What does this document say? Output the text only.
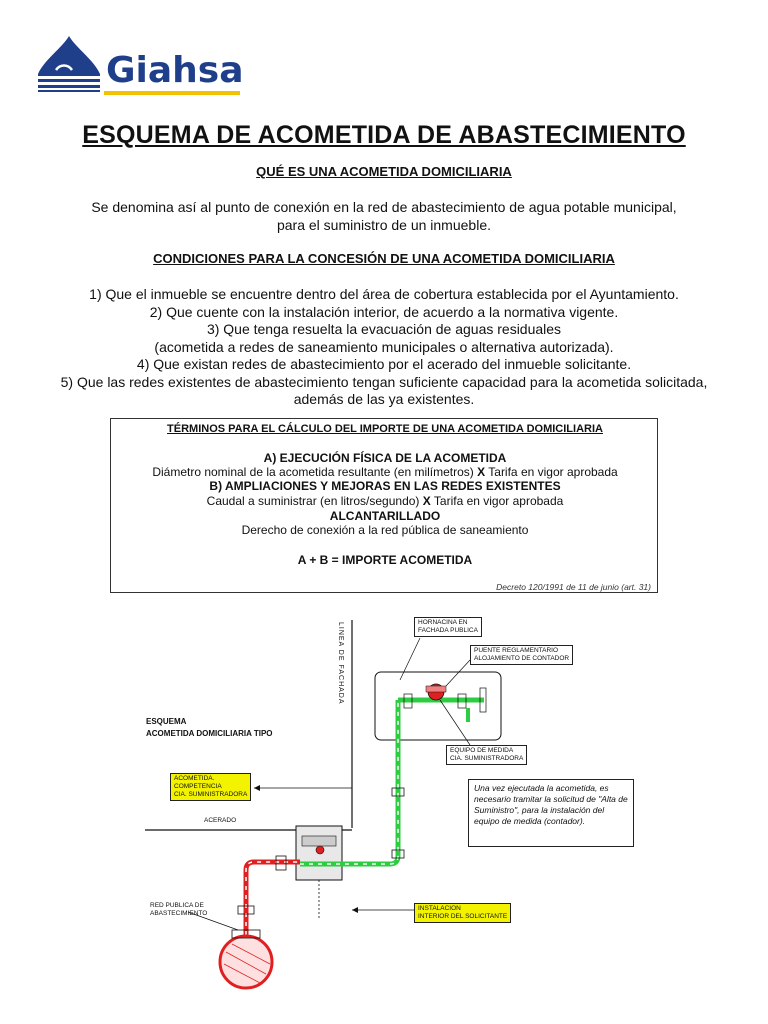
Giahsa
ESQUEMA DE ACOMETIDA DE ABASTECIMIENTO
QUÉ ES UNA ACOMETIDA DOMICILIARIA
Se denomina así al punto de conexión en la red de abastecimiento de agua potable municipal,
para el suministro de un inmueble.
CONDICIONES PARA LA CONCESIÓN DE UNA ACOMETIDA DOMICILIARIA
1) Que el inmueble se encuentre dentro del área de cobertura establecida por el Ayuntamiento.
2) Que cuente con la instalación interior, de acuerdo a la normativa vigente.
3) Que tenga resuelta la evacuación de aguas residuales
(acometida a redes de saneamiento municipales o alternativa autorizada).
4) Que existan redes de abastecimiento por el acerado del inmueble solicitante.
5) Que las redes existentes de abastecimiento tengan suficiente capacidad para la acometida solicitada,
además de las ya existentes.
TÉRMINOS PARA EL CÁLCULO DEL IMPORTE DE UNA ACOMETIDA DOMICILIARIA
A) EJECUCIÓN FÍSICA DE LA ACOMETIDA
Diámetro nominal de la acometida resultante (en milímetros) X Tarifa en vigor aprobada
B) AMPLIACIONES Y MEJORAS EN LAS REDES EXISTENTES
Caudal a suministrar (en litros/segundo) X Tarifa en vigor aprobada
ALCANTARILLADO
Derecho de conexión a la red pública de saneamiento
A + B = IMPORTE ACOMETIDA
Decreto 120/1991 de 11 de junio (art. 31)
ESQUEMA
ACOMETIDA DOMICILIARIA TIPO
LINEA DE FACHADA	HORNACINA EN
FACHADA PUBLICA
PUENTE REGLAMENTARIO
ALOJAMIENTO DE CONTADOR
EQUIPO DE MEDIDA
CIA. SUMINISTRADORA
ACOMETIDA.
COMPETENCIA
CIA. SUMINISTRADORA
ACERADO
RED PUBLICA DE
ABASTECIMIENTO
INSTALACION
INTERIOR DEL SOLICITANTE
Una vez ejecutada la acometida, es necesario tramitar la solicitud de "Alta de Suministro", para la instalación del equipo de medida (contador).
